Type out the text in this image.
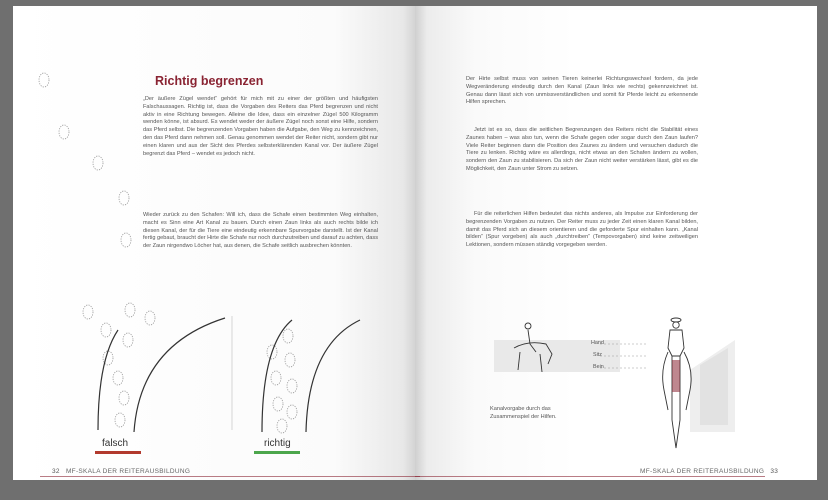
Richtig begrenzen
„Der äußere Zügel wendet“ gehört für mich mit zu einer der größten und häufigsten Falschaussagen. Richtig ist, dass die Vorgaben des Reiters das Pferd begrenzen und nicht aktiv in eine Richtung bewegen. Alleine die Idee, dass ein einzelner Zügel 500 Kilogramm wenden könne, ist absurd. Es wendet weder der äußere Zügel noch sonst eine Hilfe, sondern das Pferd selbst. Die begrenzenden Vorgaben haben die Aufgabe, den Weg zu kennzeichnen, den das Pferd dann nehmen soll. Genau genommen wendet der Reiter nicht, sondern gibt nur einen klaren und aus der Sicht des Pferdes selbsterklärenden Kanal vor. Der äußere Zügel begrenzt das Pferd – wendet es jedoch nicht.
Wieder zurück zu den Schafen: Will ich, dass die Schafe einen bestimmten Weg einhalten, macht es Sinn eine Art Kanal zu bauen. Durch einen Zaun links als auch rechts bilde ich diesen Kanal, der für die Tiere eine eindeutig erkennbare Spurvorgabe darstellt. Ist der Kanal fertig gebaut, braucht der Hirte die Schafe nur noch durchzutreiben und darauf zu achten, dass der Zaun nirgendwo Löcher hat, aus denen, die Schafe seitlich ausbrechen könnten.
falsch	richtig
32 MF-SKALA DER REITERAUSBILDUNG
Der Hirte selbst muss von seinen Tieren keinerlei Richtungswechsel fordern, da jede Wegveränderung eindeutig durch den Kanal (Zaun links wie rechts) gekennzeichnet ist. Genau dann lässt sich von unmissverständlichen und somit für Pferde leicht zu erkennende Hilfen sprechen.
Jetzt ist es so, dass die seitlichen Begrenzungen des Reiters nicht die Stabilität eines Zaunes haben – was also tun, wenn die Schafe gegen oder sogar durch den Zaun laufen? Viele Reiter beginnen dann die Position des Zaunes zu ändern und versuchen dadurch die Tiere zu lenken. Richtig wäre es allerdings, nicht etwas an den Schafen ändern zu wollen, sondern den Zaun zu stabilisieren. Da sich der Zaun nicht weiter verstärken lässt, gibt es die Möglichkeit, den Zaun unter Strom zu setzen.
Für die reiterlichen Hilfen bedeutet das nichts anderes, als Impulse zur Einforderung der begrenzenden Vorgaben zu nutzen. Der Reiter muss zu jeder Zeit einen klaren Kanal bilden, damit das Pferd sich an diesem orientieren und die geforderte Spur einhalten kann. „Kanal bilden“ (Spur vorgeben) als auch „durchtreiben“ (Tempovorgaben) sind keine zeitweiligen Lektionen, sondern müssen ständig vorgegeben werden.
Hand
Sitz
Bein
Kanalvorgabe durch das Zusammenspiel der Hilfen.
MF-SKALA DER REITERAUSBILDUNG 33
